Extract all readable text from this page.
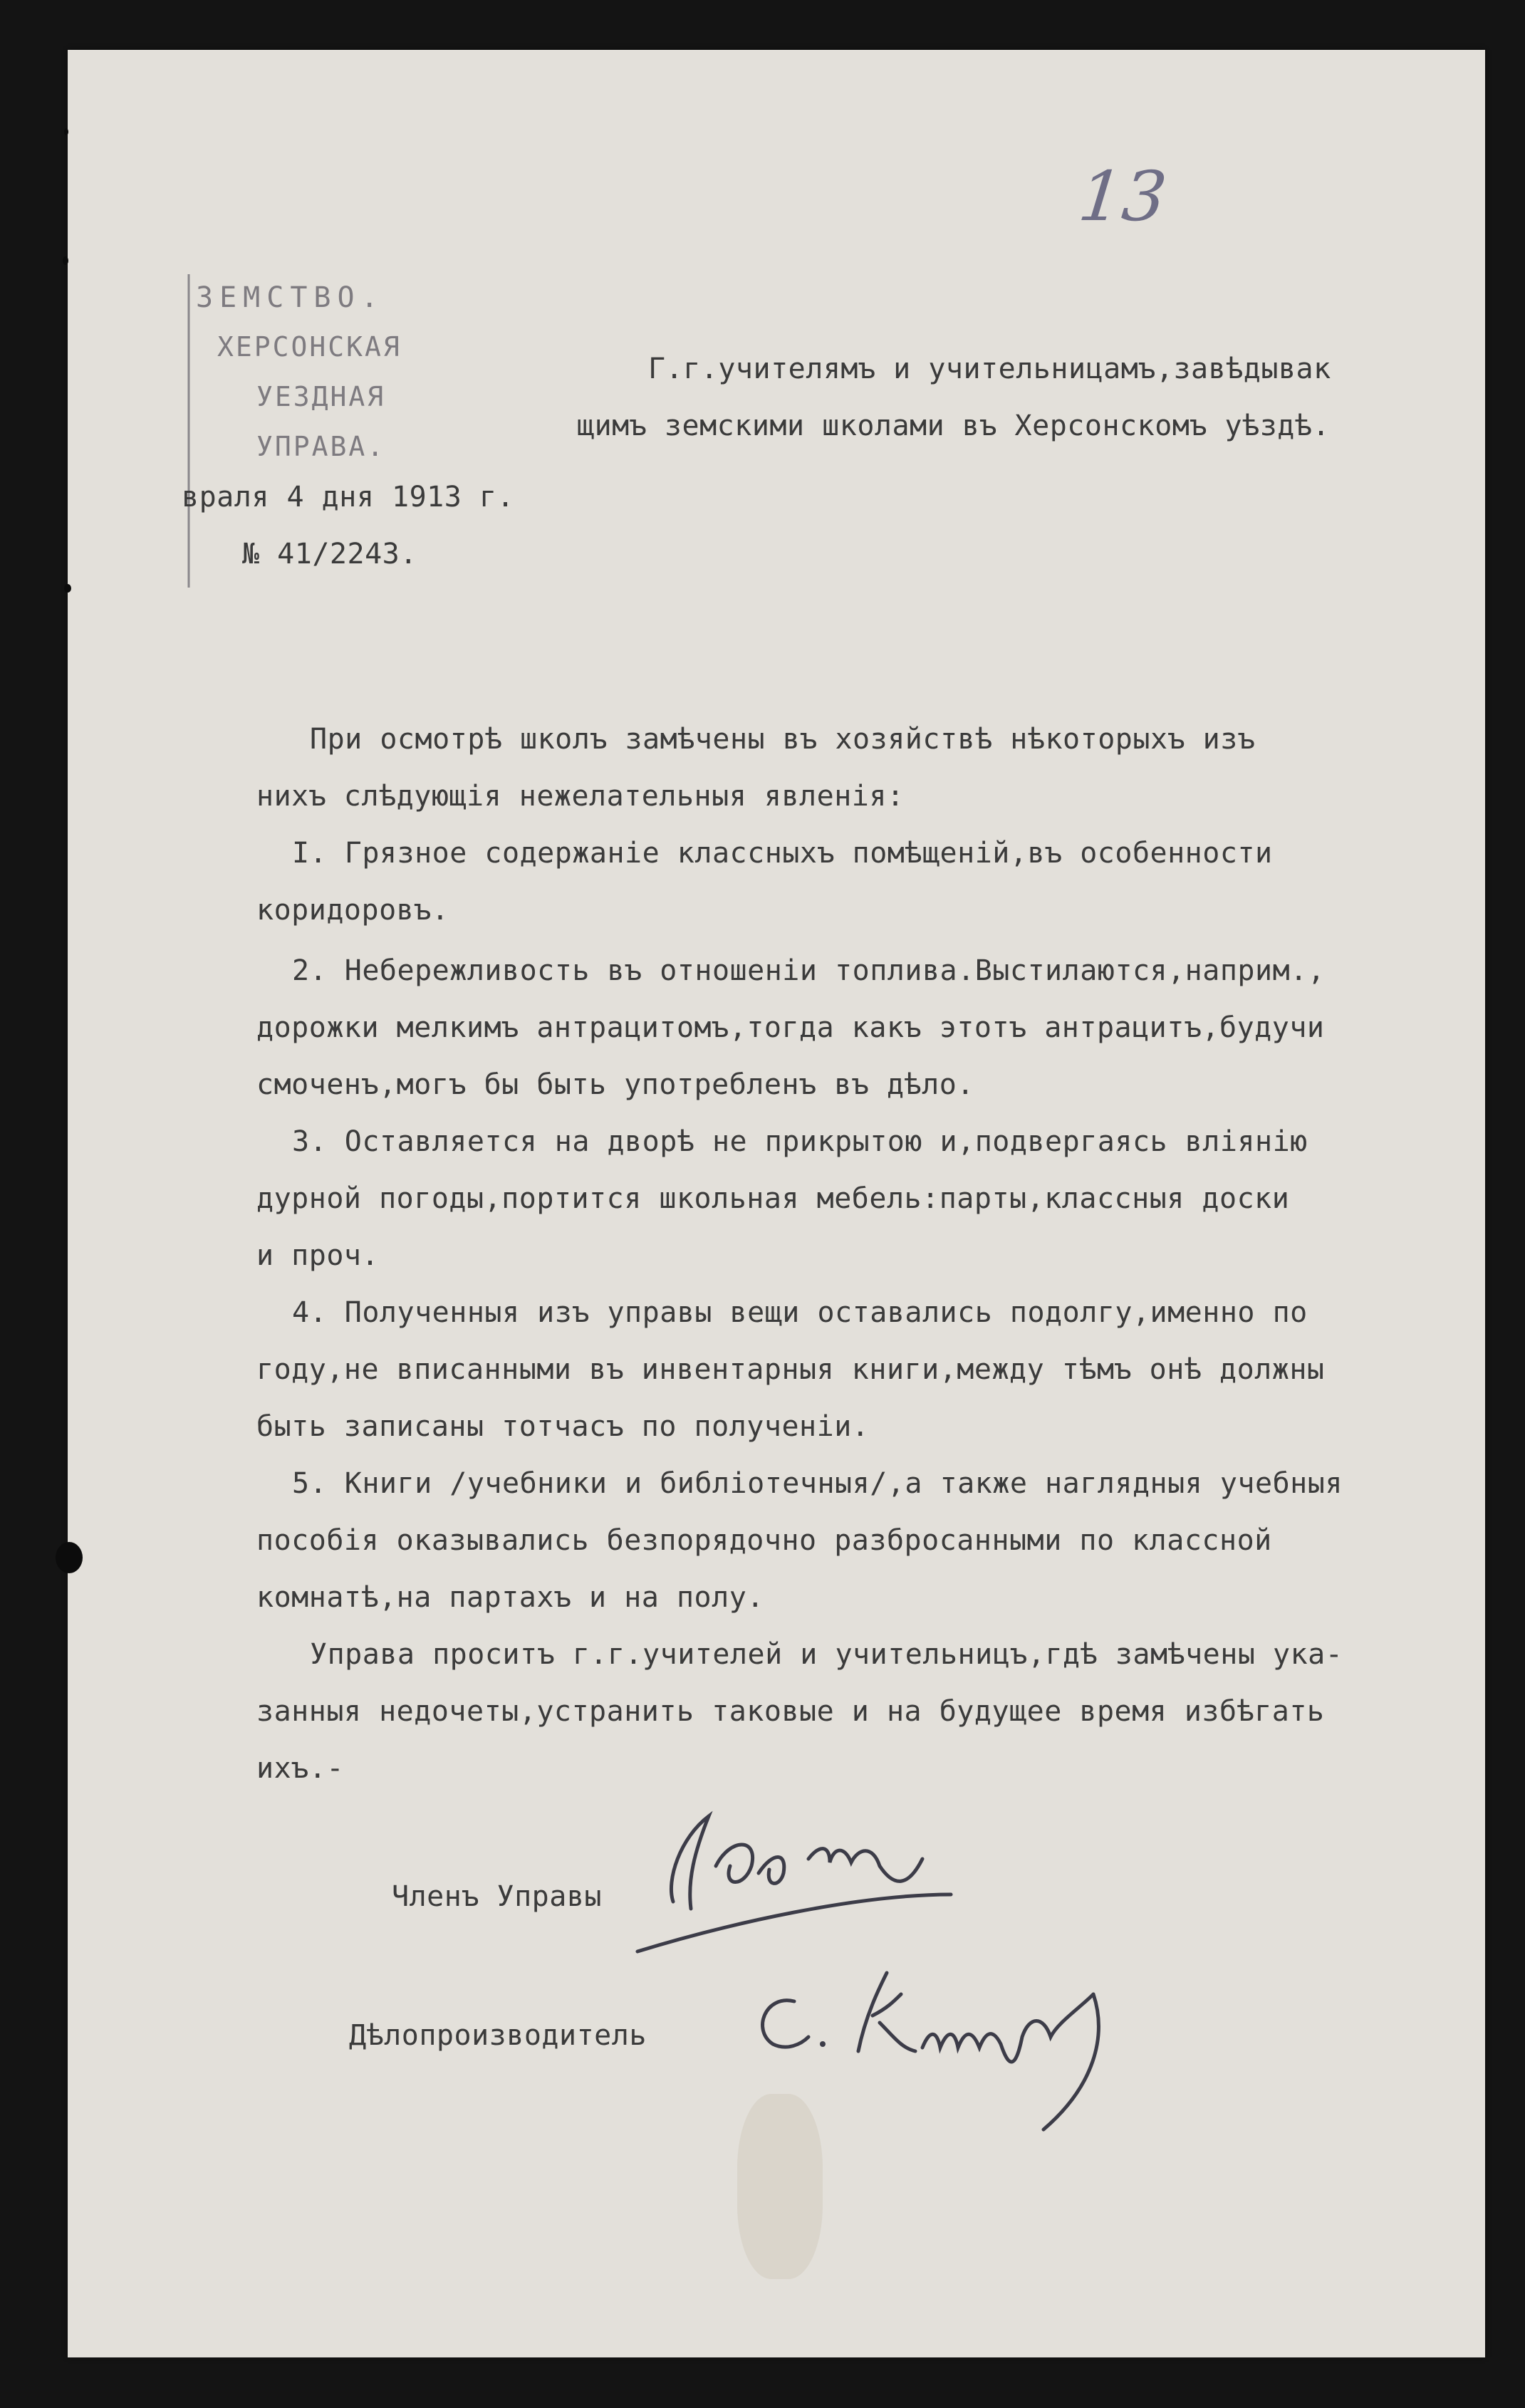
13
ЗЕМСТВО.
ХЕРСОНСКАЯ
УЕЗДНАЯ
УПРАВА.
враля 4 дня 1913 г.
№ 41/2243.
Г.г.учителямъ и учительницамъ,завѣдывак
щимъ земскими школами въ Херсонскомъ уѣздѣ.
При осмотрѣ школъ замѣчены въ хозяйствѣ нѣкоторыхъ изъ
нихъ слѣдующія нежелательныя явленія:
I. Грязное содержаніе классныхъ помѣщеній,въ особенности
коридоровъ.
2. Небережливость въ отношеніи топлива.Выстилаются,наприм.,
дорожки мелкимъ антрацитомъ,тогда какъ этотъ антрацитъ,будучи
смоченъ,могъ бы быть употребленъ въ дѣло.
3. Оставляется на дворѣ не прикрытою и,подвергаясь вліянію
дурной погоды,портится школьная мебель:парты,классныя доски
и проч.
4. Полученныя изъ управы вещи оставались подолгу,именно по
году,не вписанными въ инвентарныя книги,между тѣмъ онѣ должны
быть записаны тотчасъ по полученіи.
5. Книги /учебники и библіотечныя/,а также наглядныя учебныя
пособія оказывались безпорядочно разбросанными по классной
комнатѣ,на партахъ и на полу.
Управа проситъ г.г.учителей и учительницъ,гдѣ замѣчены ука-
занныя недочеты,устранить таковые и на будущее время избѣгать
ихъ.-
Членъ Управы
Дѣлопроизводитель
